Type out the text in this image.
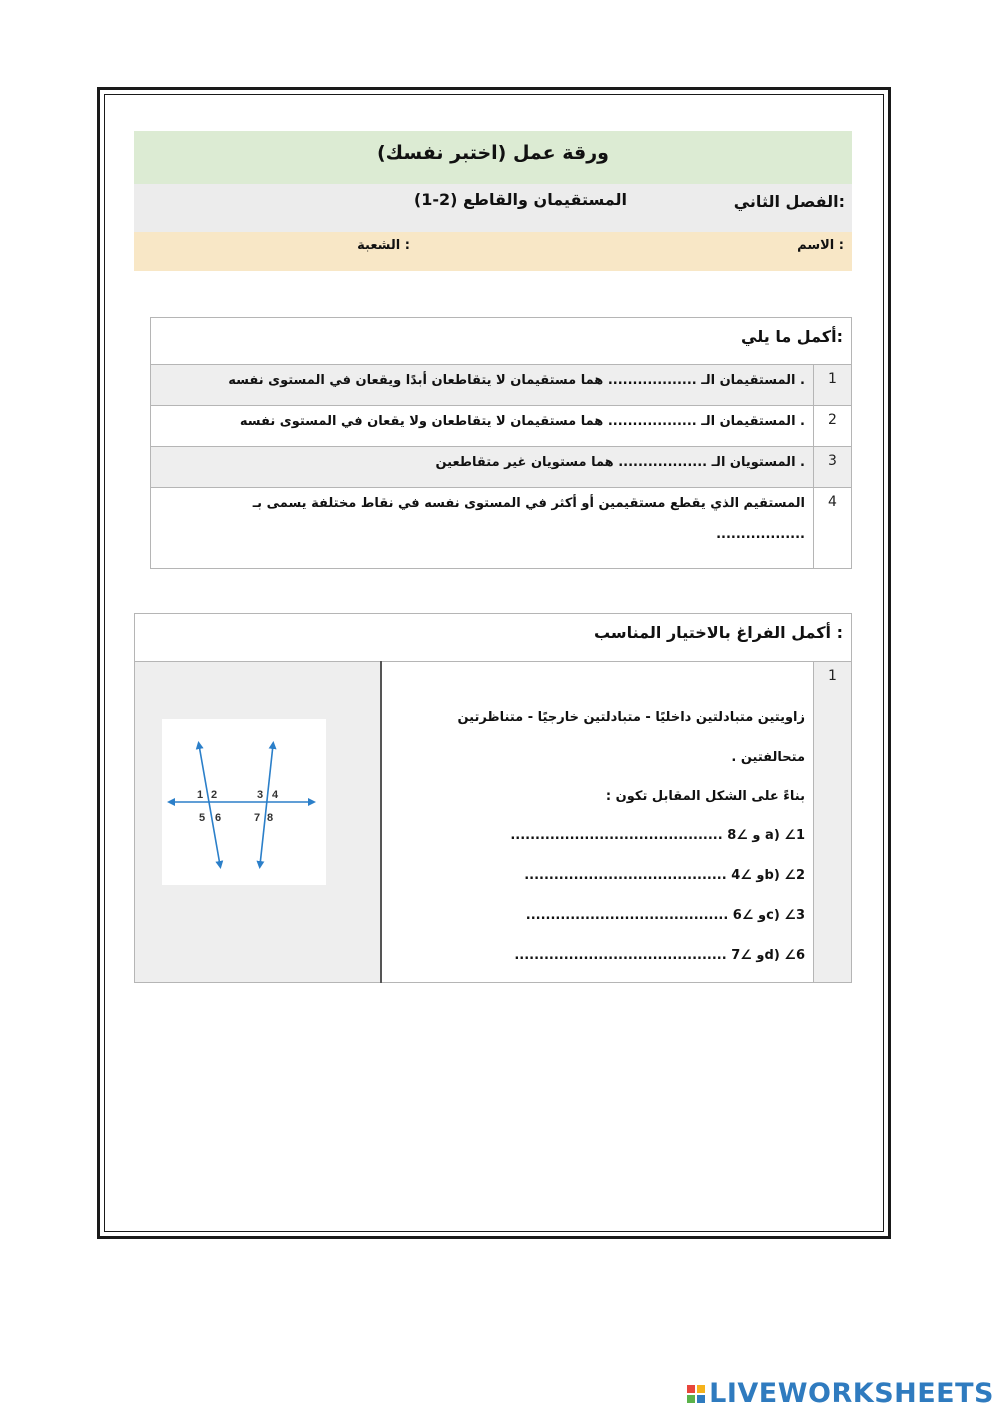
ورقة عمل (اختبر نفسك)
الفصل الثاني:
(1-2) المستقيمان والقاطع
الاسم :
الشعبة :
أكمل ما يلي:	
المستقيمان الـ .................. هما مستقيمان لا يتقاطعان أبدًا ويقعان في المستوى نفسه .	1
المستقيمان الـ .................. هما مستقيمان لا يتقاطعان ولا يقعان في المستوى نفسه .	2
المستويان الـ .................. هما مستويان غير متقاطعين .	3

المستقيم الذي يقطع مستقيمين أو أكثر في المستوى نفسه في نقاط مختلفة يسمى بـ
..................	4
أكمل الفراغ بالاختيار المناسب :

1 2
5 6
3 4
7 8

زاويتين متبادلتين داخليًا - متبادلتين خارجيًا - متناظرتين
متحالفتين .
بناءً على الشكل المقابل تكون :
a) ∠1 و ∠8 ...........................................
b) ∠2و ∠4 .........................................
c) ∠3و ∠6 .........................................
d) ∠6و ∠7 ...........................................
	1
LIVEWORKSHEETS
